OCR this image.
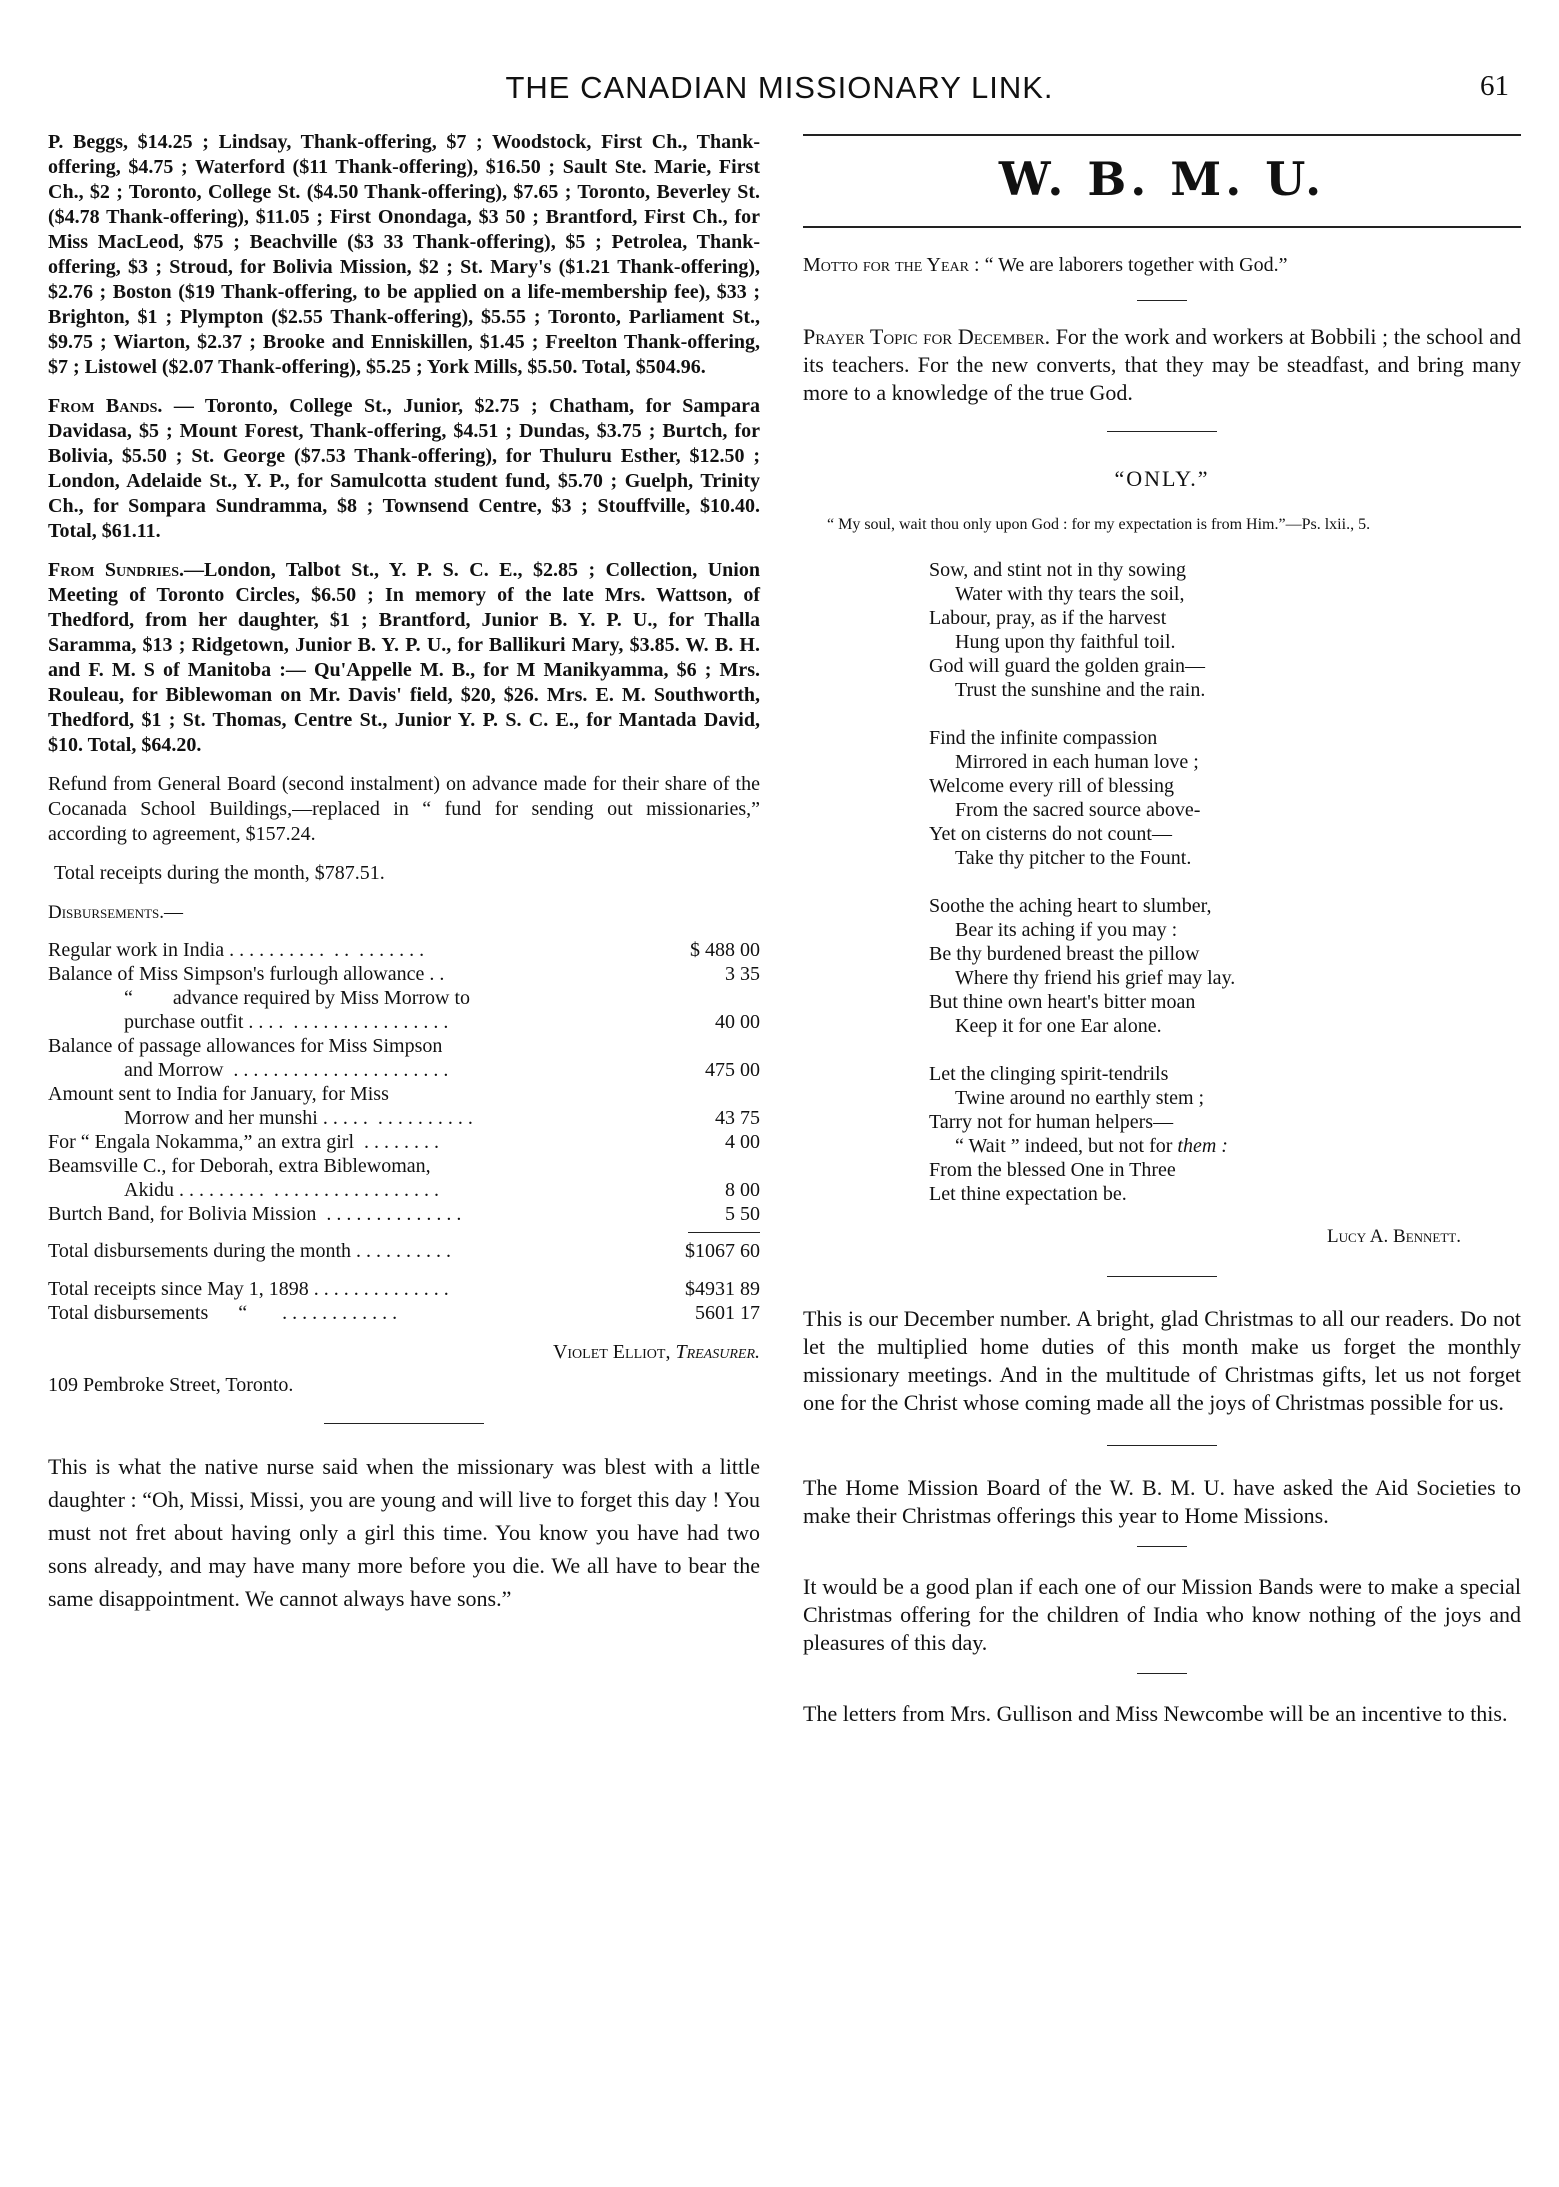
THE CANADIAN MISSIONARY LINK.	61

P. Beggs, $14.25 ; Lindsay, Thank-offering, $7 ; Woodstock, First Ch., Thank-offering, $4.75 ; Waterford ($11 Thank-offering), $16.50 ; Sault Ste. Marie, First Ch., $2 ; Toronto, College St. ($4.50 Thank-offering), $7.65 ; Toronto, Beverley St. ($4.78 Thank-offering), $11.05 ; First Onondaga, $3 50 ; Brantford, First Ch., for Miss MacLeod, $75 ; Beachville ($3 33 Thank-offering), $5 ; Petrolea, Thank-offering, $3 ; Stroud, for Bolivia Mission, $2 ; St. Mary's ($1.21 Thank-offering), $2.76 ; Boston ($19 Thank-offering, to be applied on a life-membership fee), $33 ; Brighton, $1 ; Plympton ($2.55 Thank-offering), $5.55 ; Toronto, Parliament St., $9.75 ; Wiarton, $2.37 ; Brooke and Enniskillen, $1.45 ; Freelton Thank-offering, $7 ; Listowel ($2.07 Thank-offering), $5.25 ; York Mills, $5.50. Total, $504.96.

From Bands. — Toronto, College St., Junior, $2.75 ; Chatham, for Sampara Davidasa, $5 ; Mount Forest, Thank-offering, $4.51 ; Dundas, $3.75 ; Burtch, for Bolivia, $5.50 ; St. George ($7.53 Thank-offering), for Thuluru Esther, $12.50 ; London, Adelaide St., Y. P., for Samulcotta student fund, $5.70 ; Guelph, Trinity Ch., for Sompara Sundramma, $8 ; Townsend Centre, $3 ; Stouffville, $10.40. Total, $61.11.

From Sundries.—London, Talbot St., Y. P. S. C. E., $2.85 ; Collection, Union Meeting of Toronto Circles, $6.50 ; In memory of the late Mrs. Wattson, of Thedford, from her daughter, $1 ; Brantford, Junior B. Y. P. U., for Thalla Saramma, $13 ; Ridgetown, Junior B. Y. P. U., for Ballikuri Mary, $3.85. W. B. H. and F. M. S of Manitoba :— Qu'Appelle M. B., for M Manikyamma, $6 ; Mrs. Rouleau, for Biblewoman on Mr. Davis' field, $20, $26. Mrs. E. M. Southworth, Thedford, $1 ; St. Thomas, Centre St., Junior Y. P. S. C. E., for Mantada David, $10. Total, $64.20.

Refund from General Board (second instalment) on advance made for their share of the Cocanada School Buildings,—replaced in “ fund for sending out missionaries,” according to agreement, $157.24.

Total receipts during the month, $787.51.

Disbursements.—

Regular work in India . . . . . . . . . .  . .  . . . . . . .	$ 488 00
Balance of Miss Simpson's furlough allowance . .	3 35
“        advance required by Miss Morrow to
purchase outfit . . . .  . . . . . . . . . . . . . . . .	40 00
Balance of passage allowances for Miss Simpson
and Morrow  . . . . . . . . . . . . . . . . . . . . . .	475 00
Amount sent to India for January, for Miss
Morrow and her munshi . . . . .  . . . . . . . . . .	43 75
For “ Engala Nokamma,” an extra girl  . . . . . . . .	4 00
Beamsville C., for Deborah, extra Biblewoman,
Akidu . . . . . . . . .  . . . . . . . . . . . . . . . . .	8 00
Burtch Band, for Bolivia Mission  . . . . . . . . . . . . . .	5 50
Total disbursements during the month . . . . . . . . . .	$1067 60
Total receipts since May 1, 1898 . . . . . . . . . . . . . .	$4931 89
Total disbursements      “       . . . . . . . . . . . .	5601 17

Violet Elliot, Treasurer.

109 Pembroke Street, Toronto.

This is what the native nurse said when the missionary was blest with a little daughter : “Oh, Missi, Missi, you are young and will live to forget this day ! You must not fret about having only a girl this time. You know you have had two sons already, and may have many more before you die. We all have to bear the same disappointment. We cannot always have sons.”

W. B. M. U.

Motto for the Year : “ We are laborers together with God.”

Prayer Topic for December. For the work and workers at Bobbili ; the school and its teachers. For the new converts, that they may be steadfast, and bring many more to a knowledge of the true God.

“ONLY.”

“ My soul, wait thou only upon God : for my expectation is from Him.”—Ps. lxii., 5.

Sow, and stint not in thy sowing
Water with thy tears the soil,
Labour, pray, as if the harvest
Hung upon thy faithful toil.
God will guard the golden grain—
Trust the sunshine and the rain.
Find the infinite compassion
Mirrored in each human love ;
Welcome every rill of blessing
From the sacred source above-
Yet on cisterns do not count—
Take thy pitcher to the Fount.
Soothe the aching heart to slumber,
Bear its aching if you may :
Be thy burdened breast the pillow
Where thy friend his grief may lay.
But thine own heart's bitter moan
Keep it for one Ear alone.
Let the clinging spirit-tendrils
Twine around no earthly stem ;
Tarry not for human helpers—
“ Wait ” indeed, but not for them :
From the blessed One in Three
Let thine expectation be.

Lucy A. Bennett.

This is our December number. A bright, glad Christmas to all our readers. Do not let the multiplied home duties of this month make us forget the monthly missionary meetings. And in the multitude of Christmas gifts, let us not forget one for the Christ whose coming made all the joys of Christmas possible for us.

The Home Mission Board of the W. B. M. U. have asked the Aid Societies to make their Christmas offerings this year to Home Missions.

It would be a good plan if each one of our Mission Bands were to make a special Christmas offering for the children of India who know nothing of the joys and pleasures of this day.

The letters from Mrs. Gullison and Miss Newcombe will be an incentive to this.
